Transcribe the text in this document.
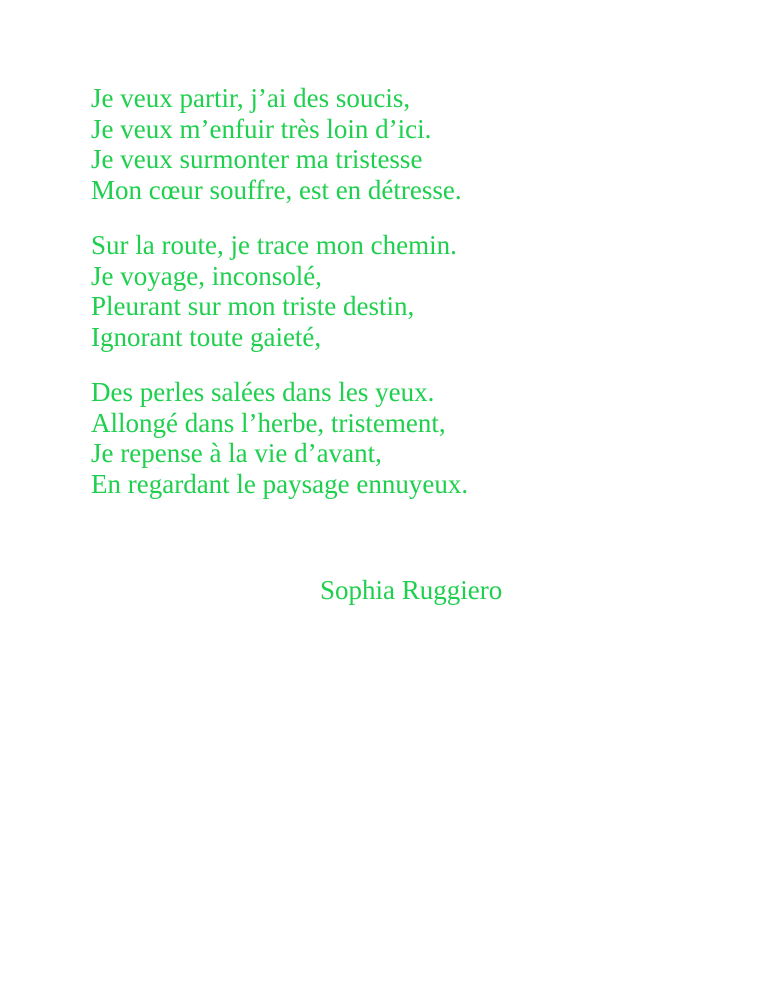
Je veux partir, j’ai des soucis,
Je veux m’enfuir très loin d’ici.
Je veux surmonter ma tristesse
Mon cœur souffre, est en détresse.
Sur la route, je trace mon chemin.
Je voyage, inconsolé,
Pleurant sur mon triste destin,
Ignorant toute gaieté,
Des perles salées dans les yeux.
Allongé dans l’herbe, tristement,
Je repense à la vie d’avant,
En regardant le paysage ennuyeux.
Sophia Ruggiero
